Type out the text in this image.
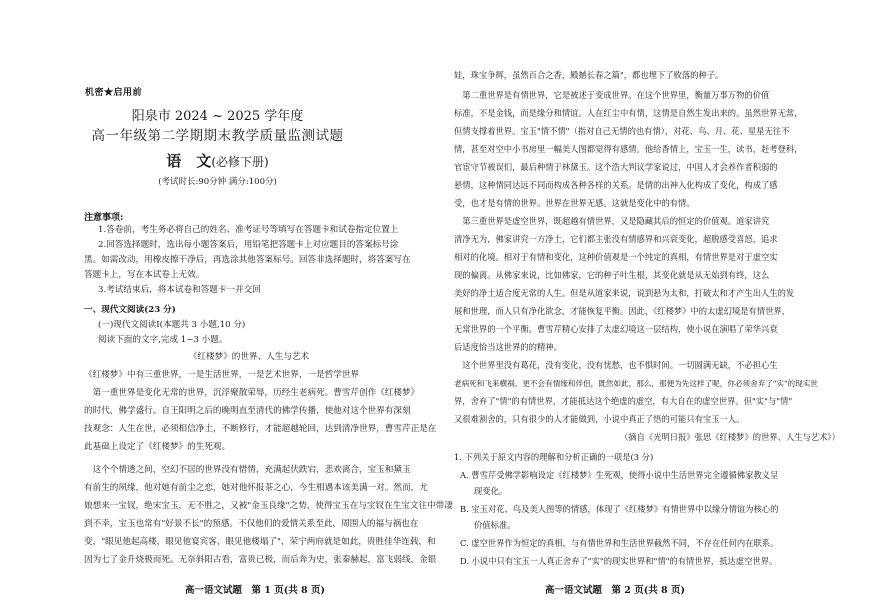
机密★启用前
阳泉市 2024 ~ 2025 学年度
高一年级第二学期期末教学质量监测试题
语　文(必修下册)
(考试时长:90分钟 满分:100分)
注意事项:
1.答卷前，考生务必将自己的姓名、准考证号等填写在答题卡和试卷指定位置上
2.回答选择题时，选出每小题答案后，用铅笔把答题卡上对应题目的答案标号涂
黑。如需改动，用橡皮擦干净后，再选涂其他答案标号。回答非选择题时，将答案写在
答题卡上，写在本试卷上无效。
3.考试结束后，将本试卷和答题卡一并交回
一、现代文阅读(23 分)
(一)现代文阅读Ⅰ(本题共 3 小题,10 分)
阅读下面的文字,完成 1~3 小题。
《红楼梦》的世界、人生与艺术
《红楼梦》中有三重世界，一是生活世界，一是艺术世界，一是哲学世界
　第一重世界是变化无常的世界，沉浮聚散荣辱，历经生老病死。曹雪芹创作《红楼梦》
的时代，佛学盛行。自王阳明之后的晚明直至清代的佛学传播，使他对这个世界有深刻
技观念：人生在世，必须相信净土，不断修行，才能超越轮回，达到清净世界，曹雪芹正是在
此基础上设定了《红楼梦》的生死观。
　这个个情透之间，空幻不居的世界没有惜情，充满起伏跌宕，悲欢离合，宝玉和黛玉
有前生的夙缘，他对她有前尘之恋，她对他怀报茶之心，今生相遇本该美满一对。然而，尤
娘想来一宝钗，绝宋宝玉，无不胜之，又被"金玉良缘"之势，使得宝玉在与宝钗在生宝文往中带凄
到不幸，宝玉也常有"好景不长"的预感。不仅他们的爱情关系至此，周围人的福与祸也在
变，"眼见他起高楼，眼见他宴宾客，眼见他楼塌了"，荣宁两府就是如此，贵胜佳华连载，和
因为七了金升烧极而死。无奈斜阳古看，富贵已极，而后奔为史，张秦赫起，富飞弱线，金银
高一语文试题　第 1 页(共 8 页)
娃，珠宝争辉，虽然百合之香，殿撼长春之篇"，都也埋下了败落的种子。
　第二重世界是有情世界，它是被述于变成世界。在这个世界里，衡量万事万物的价值
标准，不是金钱，而是缘分和情谊。人在红尘中有情，这情是自然生发出来的。虽然世界无常，
但情支撑着世界。宝玉"情不情"（指对自己无情的也有情），对花、鸟、月、花、星星无往不
情，甚至对空中小书房里一幅美人图都觉得有感情。他给香情上，宝玉一生，读书，赶考登科，
官宦守节被误们，最后种情于林黛玉。这个浩大判议学家说过，中国人才会养作者积弱的
悬情，这种情同达远不同而构成各种各样的关系。是情的出神入化构成了变化，构成了感
受，也才是有情的世界。世界在世界无感。这就是变化中的有情。
　第三重世界是虚空世界，既超越有情世界，又是隐藏其后的恒定的价值观。道家讲究
清净无为，佛家讲究一方净土，它们都主张没有情感界和兴衰变化，超脱感受喜怒，追求
相对的化境。相对于有情和变化，这种价值观是一个纯定的真相，有情世界是对于虚空实
现的偏离。从佛家来说，比如佛家，它的种子叶生根，其变化就是从无始到有终，这么
美好的净土适合度无常的人生。但是从道家来说，说到悬为太和，打破太和才产生出人生的发
展和世理，而人只有净化欲念，才能恢复平衡。因此，《红楼梦》中的太虚幻境是有情世界，
无常世界的一个平衡。曹雪芹精心安排了太虚幻境这一层结构，使小说在演唱了荣华兴衰
后适度恰当这世界的的精神。
　这个世界里没有葛花，没有变化，没有忧愁，也不惧时间。一切圆满无缺，不必担心生
老病死和飞来横祸，更不会有情缘和伴侣，既然如此，那么，那便为先这样了呢，你必须舍弃了"实"的现实世
界，舍弃了"情"的有情世界，才能抵达这个绝虚的虚空，有大自在的虚空世界。但"实"与"情"
又很难割舍的，只有很少的人才能做到，小说中真正了悟的可能只有宝玉一人。
（摘自《光明日报》张思《红楼梦》的世界、人生与艺术》）
1. 下列关于原文内容的理解和分析正确的一项是(3 分)
A. 曹雪芹受佛学影响设定《红楼梦》生死观，使得小说中生活世界完全遵循佛家教义呈
现变化。
B. 宝玉对花、鸟及美人图等的情感，体现了《红楼梦》有情世界中以缘分情谊为核心的
价值标准。
C. 虚空世界作为恒定的真相，与有情世界和生活世界截然不同，不存在任何内在联系。
D. 小说中只有宝玉一人真正舍弃了"实"的现实世界和"情"的有情世界，抵达虚空世界。
高一语文试题　第 2 页(共 8 页)
